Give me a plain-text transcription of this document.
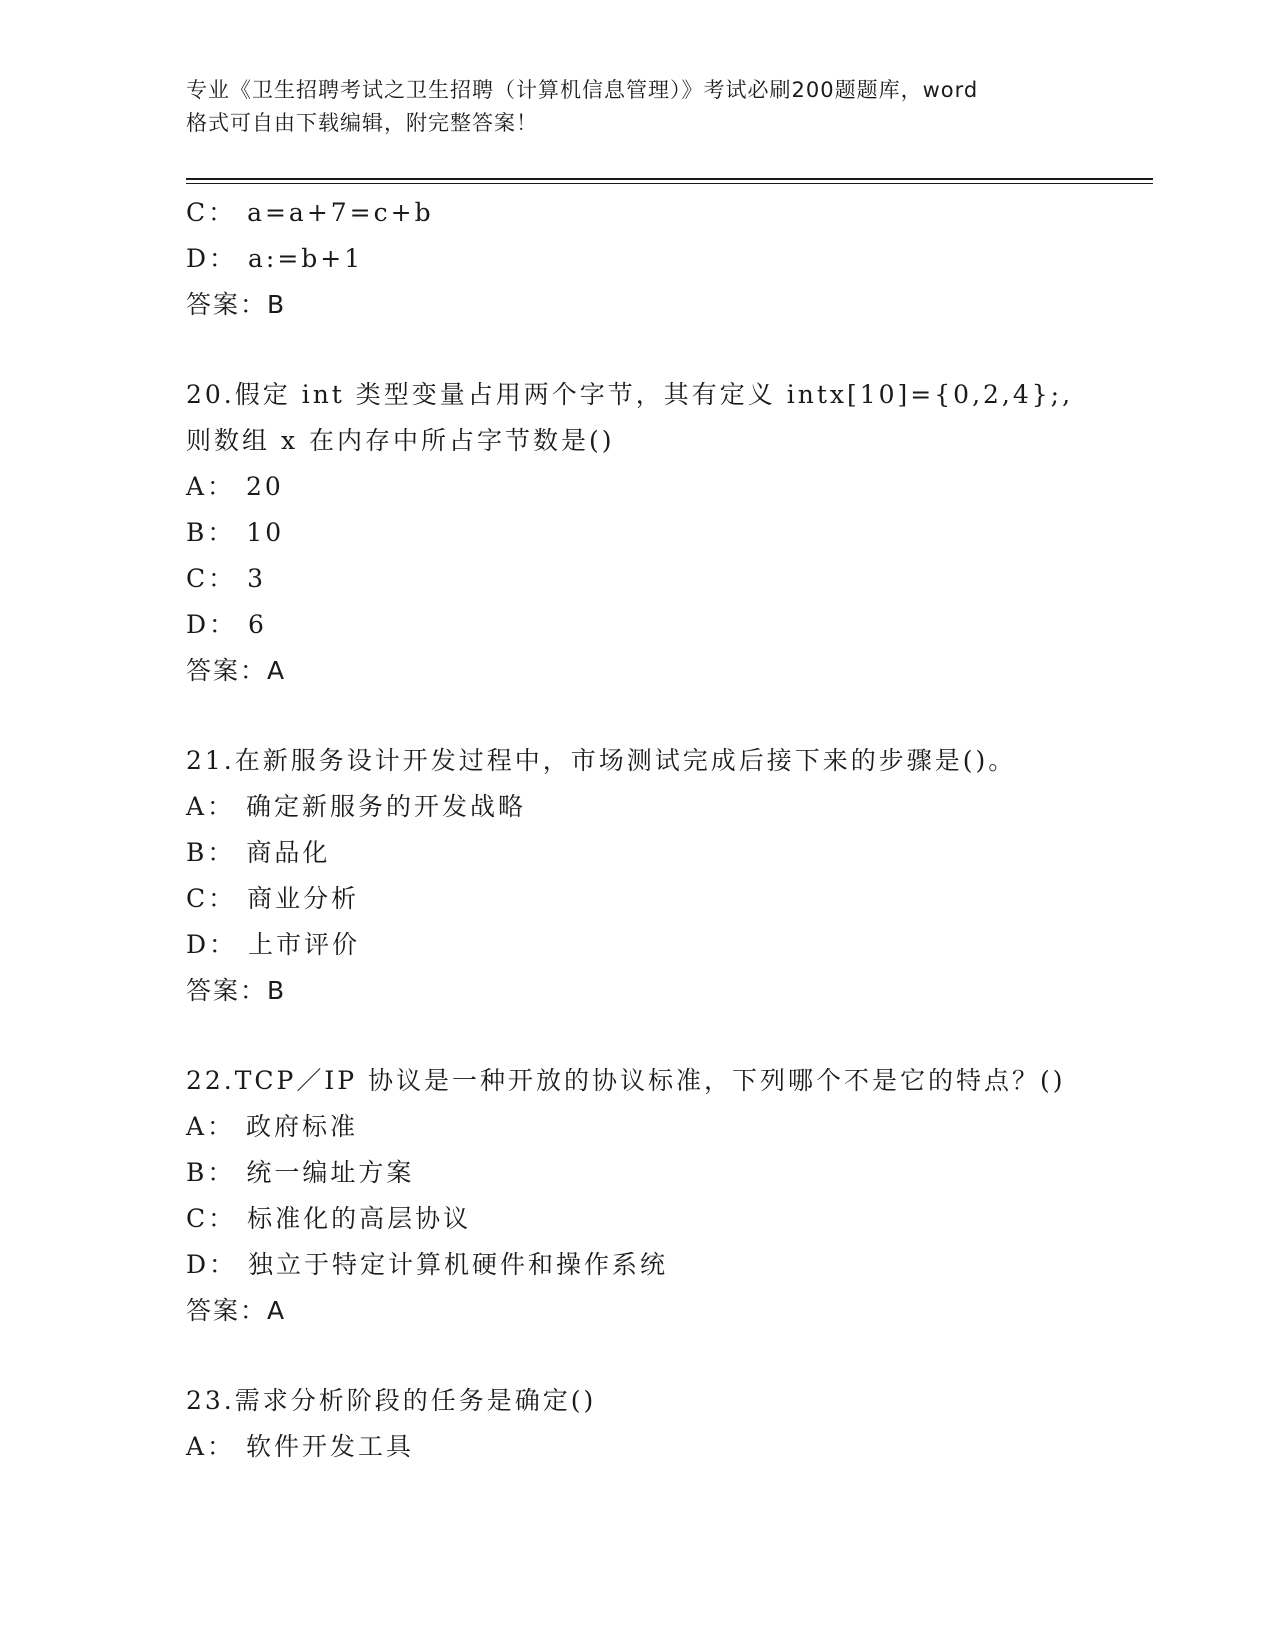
专业《卫生招聘考试之卫生招聘（计算机信息管理）》考试必刷200题题库，word
格式可自由下载编辑，附完整答案！
C： a=a+7=c+b
D： a:=b+1
答案：B
20.假定 int 类型变量占用两个字节，其有定义 intx[10]={0,2,4};,
则数组 x 在内存中所占字节数是()
A： 20
B： 10
C： 3
D： 6
答案：A
21.在新服务设计开发过程中，市场测试完成后接下来的步骤是()。
A： 确定新服务的开发战略
B： 商品化
C： 商业分析
D： 上市评价
答案：B
22.TCP／IP 协议是一种开放的协议标准，下列哪个不是它的特点？()
A： 政府标准
B： 统一编址方案
C： 标准化的高层协议
D： 独立于特定计算机硬件和操作系统
答案：A
23.需求分析阶段的任务是确定()
A： 软件开发工具
